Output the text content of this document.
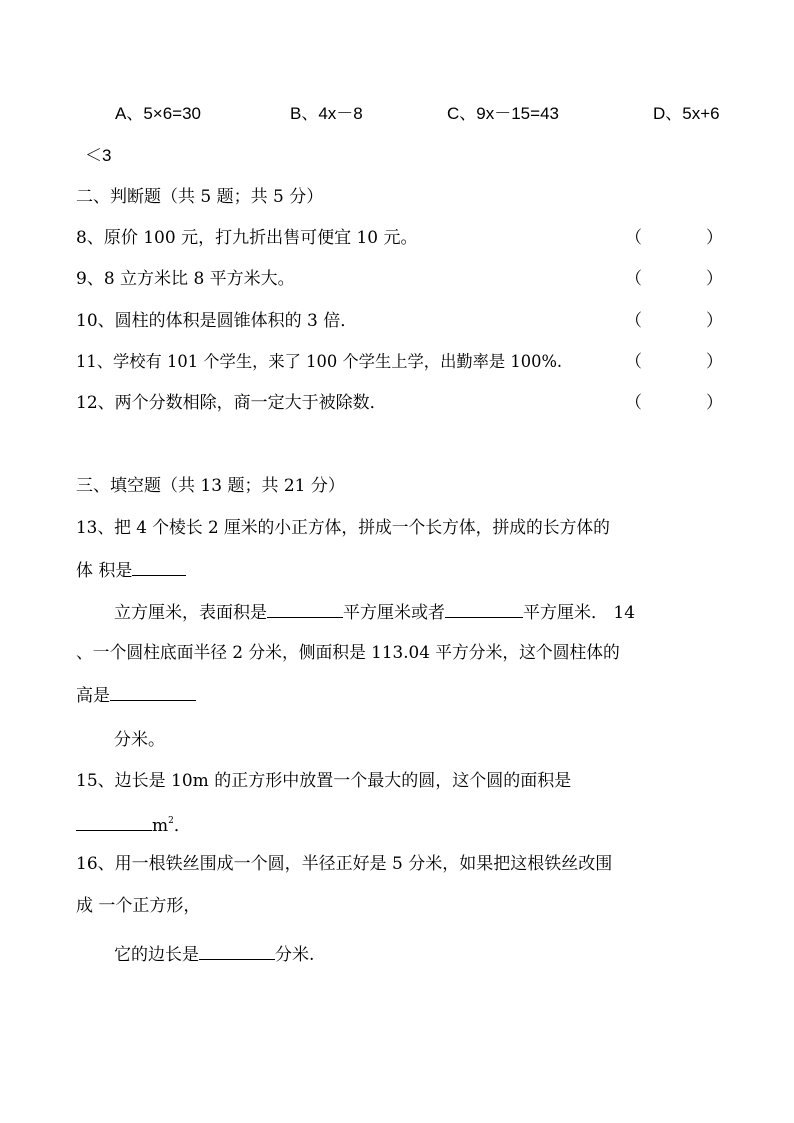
A、5×6=30	B、4x－8	C、9x－15=43	D、5x+6
＜3
二、判断题（共 5 题；共 5 分）
8、原价 100 元，打九折出售可便宜 10 元。	（	）
9、8 立方米比 8 平方米大。	（	）
10、圆柱的体积是圆锥体积的 3 倍．	（	）
11、学校有 101 个学生，来了 100 个学生上学，出勤率是 100%.	（	）
12、两个分数相除，商一定大于被除数．	（	）
三、填空题（共 13 题；共 21 分）
13、把 4 个棱长 2 厘米的小正方体，拼成一个长方体，拼成的长方体的
体 积是
立方厘米，表面积是	平方厘米或者	平方厘米． 14
、一个圆柱底面半径 2 分米，侧面积是 113.04 平方分米，这个圆柱体的
高是
分米。
15、边长是 10m 的正方形中放置一个最大的圆，这个圆的面积是
$m^2$．
16、用一根铁丝围成一个圆，半径正好是 5 分米，如果把这根铁丝改围
成 一个正方形，
它的边长是	分米.
